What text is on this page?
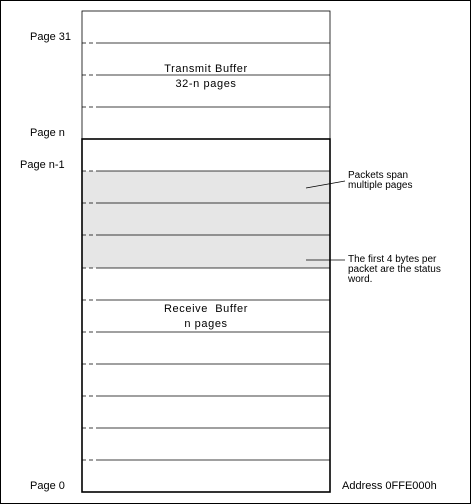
Page 31
Page n
Page n-1
Page 0
Transmit Buffer
32-n pages
Receive  Buffer
n pages
Packets span multiple pages
The first 4 bytes per packet are the status word.
Address 0FFE000h
